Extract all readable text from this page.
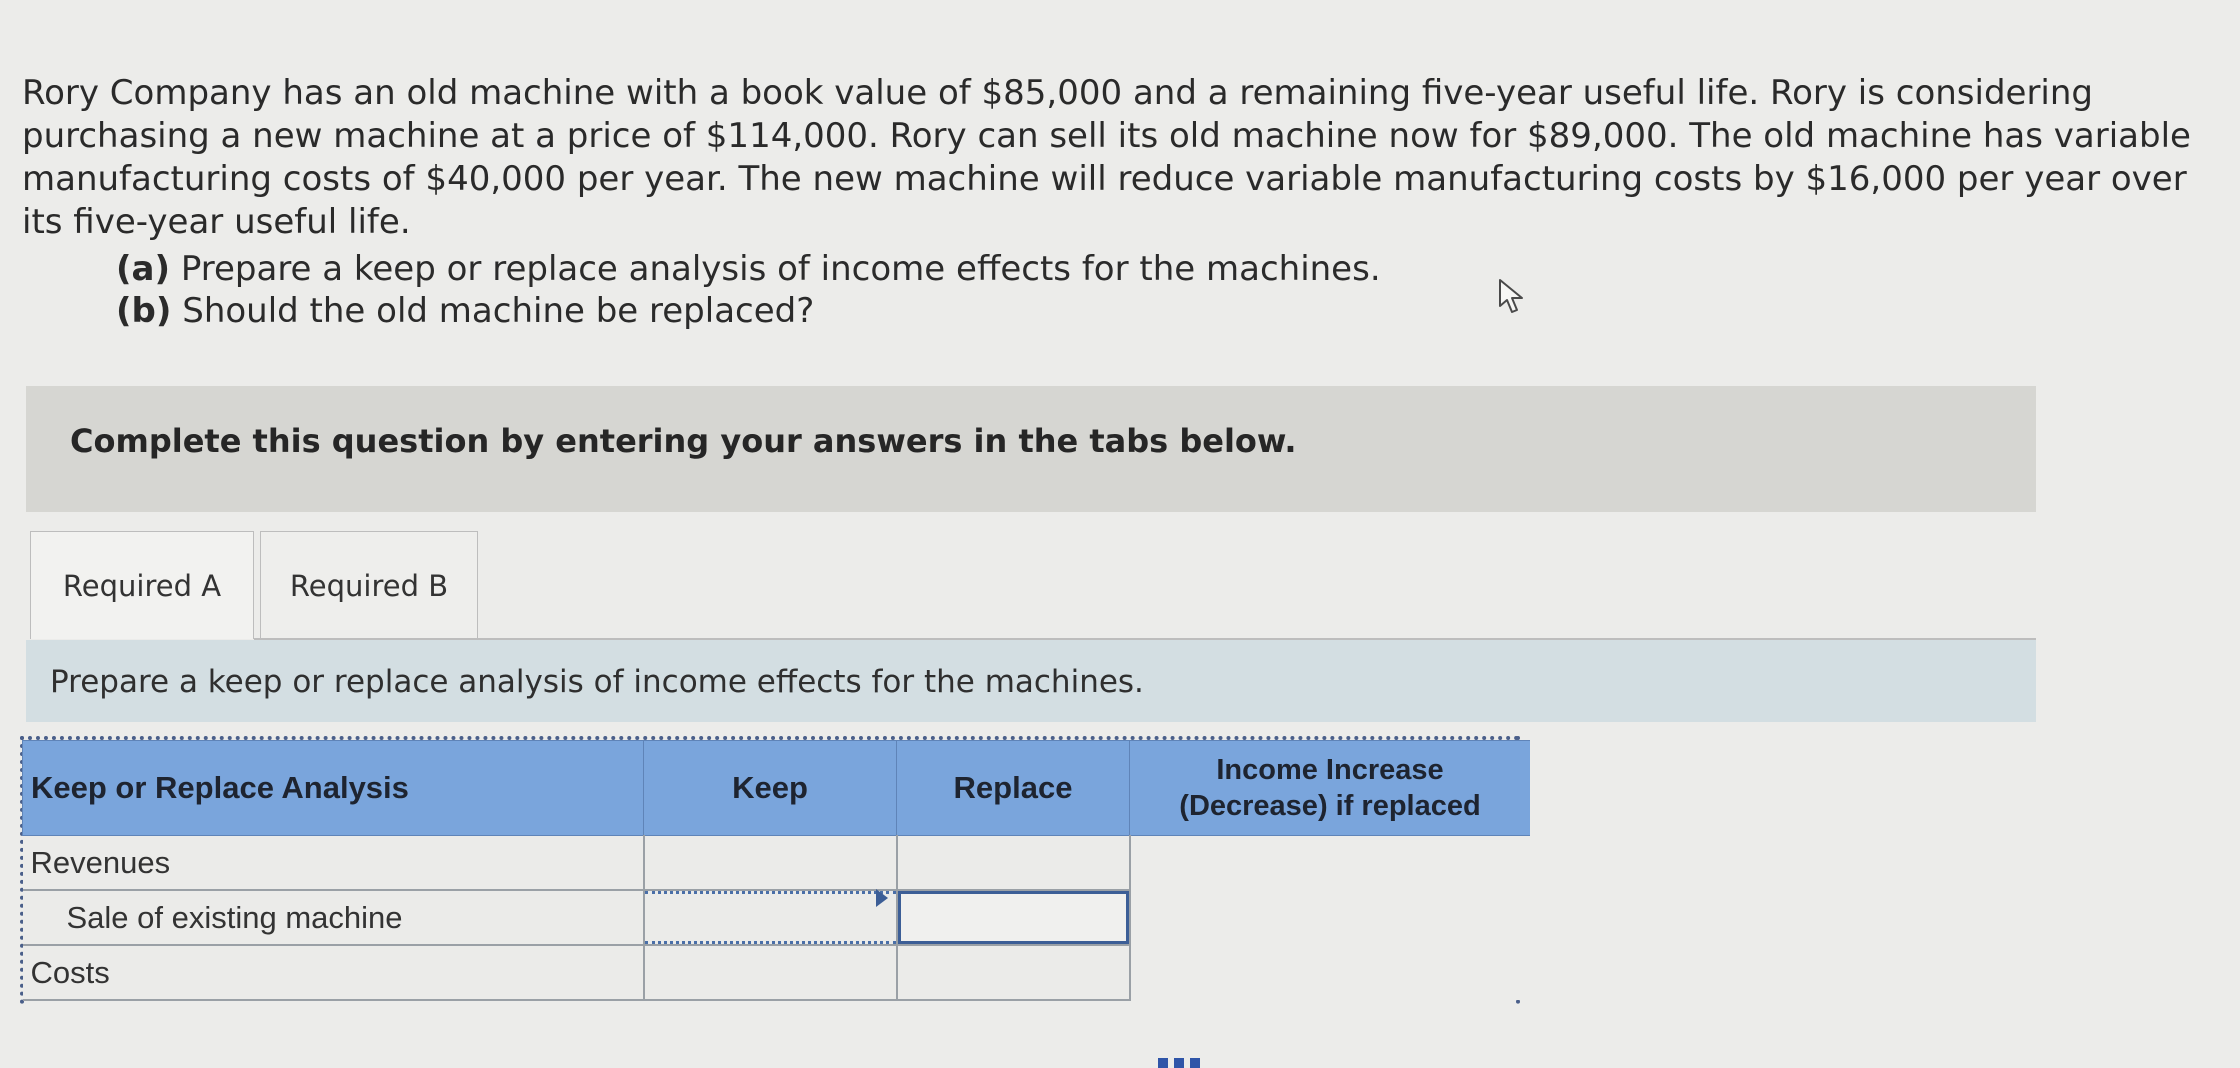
Rory Company has an old machine with a book value of $85,000 and a remaining five-year useful life. Rory is considering purchasing a new machine at a price of $114,000. Rory can sell its old machine now for $89,000. The old machine has variable manufacturing costs of $40,000 per year. The new machine will reduce variable manufacturing costs by $16,000 per year over its five-year useful life.
(a) Prepare a keep or replace analysis of income effects for the machines.
(b) Should the old machine be replaced?
Complete this question by entering your answers in the tabs below.
Required A	Required B
Prepare a keep or replace analysis of income effects for the machines.
Keep or Replace Analysis	Keep	Replace	Income Increase
(Decrease) if replaced

Revenues			
Sale of existing machine	

Costs			
